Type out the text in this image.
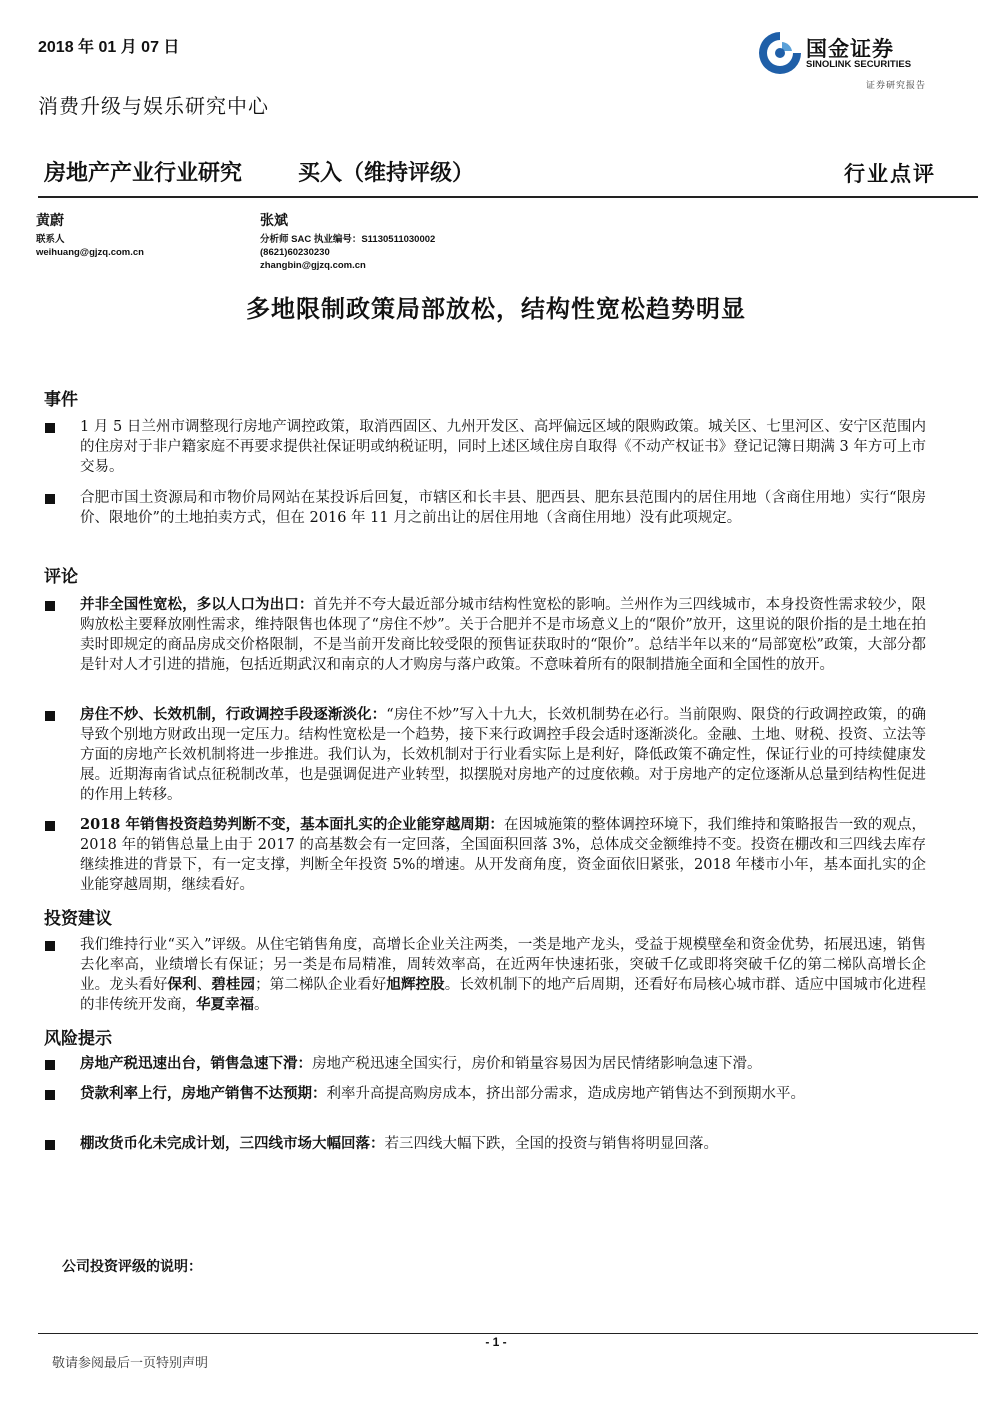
2018 年 01 月 07 日
消费升级与娱乐研究中心
国金证券
SINOLINK SECURITIES
证券研究报告
房地产产业行业研究	买入（维持评级）	行业点评
黄蔚
联系人
weihuang@gjzq.com.cn
张斌
分析师 SAC 执业编号：S1130511030002
(8621)60230230
zhangbin@gjzq.com.cn
多地限制政策局部放松，结构性宽松趋势明显
事件
1 月 5 日兰州市调整现行房地产调控政策，取消西固区、九州开发区、高坪偏远区域的限购政策。城关区、七里河区、安宁区范围内的住房对于非户籍家庭不再要求提供社保证明或纳税证明，同时上述区域住房自取得《不动产权证书》登记记簿日期满 3 年方可上市交易。
合肥市国土资源局和市物价局网站在某投诉后回复，市辖区和长丰县、肥西县、肥东县范围内的居住用地（含商住用地）实行“限房价、限地价”的土地拍卖方式，但在 2016 年 11 月之前出让的居住用地（含商住用地）没有此项规定。
评论
并非全国性宽松，多以人口为出口：首先并不夸大最近部分城市结构性宽松的影响。兰州作为三四线城市，本身投资性需求较少，限购放松主要释放刚性需求，维持限售也体现了“房住不炒”。关于合肥并不是市场意义上的“限价”放开，这里说的限价指的是土地在拍卖时即规定的商品房成交价格限制，不是当前开发商比较受限的预售证获取时的“限价”。总结半年以来的“局部宽松”政策，大部分都是针对人才引进的措施，包括近期武汉和南京的人才购房与落户政策。不意味着所有的限制措施全面和全国性的放开。
房住不炒、长效机制，行政调控手段逐渐淡化：“房住不炒”写入十九大，长效机制势在必行。当前限购、限贷的行政调控政策，的确导致个别地方财政出现一定压力。结构性宽松是一个趋势，接下来行政调控手段会适时逐渐淡化。金融、土地、财税、投资、立法等方面的房地产长效机制将进一步推进。我们认为，长效机制对于行业看实际上是利好，降低政策不确定性，保证行业的可持续健康发展。近期海南省试点征税制改革，也是强调促进产业转型，拟摆脱对房地产的过度依赖。对于房地产的定位逐渐从总量到结构性促进的作用上转移。
2018 年销售投资趋势判断不变，基本面扎实的企业能穿越周期：在因城施策的整体调控环境下，我们维持和策略报告一致的观点，2018 年的销售总量上由于 2017 的高基数会有一定回落，全国面积回落 3%，总体成交金额维持不变。投资在棚改和三四线去库存继续推进的背景下，有一定支撑，判断全年投资 5%的增速。从开发商角度，资金面依旧紧张，2018 年楼市小年，基本面扎实的企业能穿越周期，继续看好。
投资建议
我们维持行业“买入”评级。从住宅销售角度，高增长企业关注两类，一类是地产龙头，受益于规模壁垒和资金优势，拓展迅速，销售去化率高，业绩增长有保证；另一类是布局精准，周转效率高，在近两年快速拓张，突破千亿或即将突破千亿的第二梯队高增长企业。龙头看好保利、碧桂园；第二梯队企业看好旭辉控股。长效机制下的地产后周期，还看好布局核心城市群、适应中国城市化进程的非传统开发商，华夏幸福。
风险提示
房地产税迅速出台，销售急速下滑：房地产税迅速全国实行，房价和销量容易因为居民情绪影响急速下滑。
贷款利率上行，房地产销售不达预期：利率升高提高购房成本，挤出部分需求，造成房地产销售达不到预期水平。
棚改货币化未完成计划，三四线市场大幅回落：若三四线大幅下跌，全国的投资与销售将明显回落。
公司投资评级的说明：
- 1 -
敬请参阅最后一页特别声明
